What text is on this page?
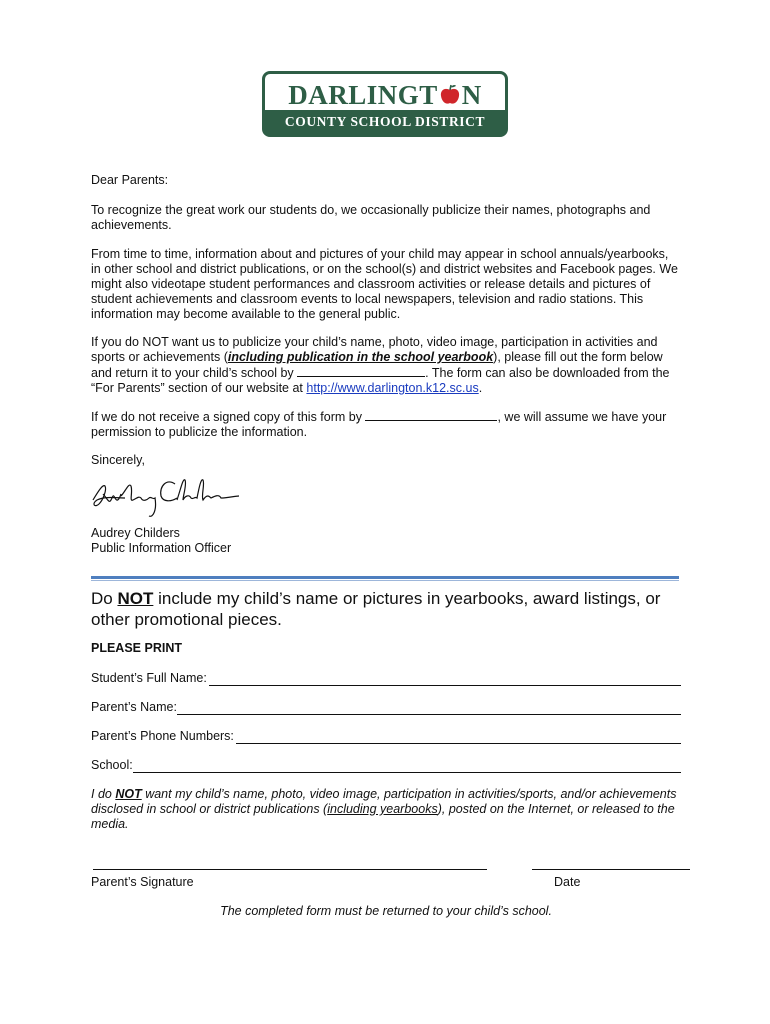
DARLINGT N
COUNTY SCHOOL DISTRICT

Dear Parents:

To recognize the great work our students do, we occasionally publicize their names, photographs and achievements.

From time to time, information about and pictures of your child may appear in school annuals/yearbooks, in other school and district publications, or on the school(s) and district websites and Facebook pages. We might also videotape student performances and classroom activities or release details and pictures of student achievements and classroom events to local newspapers, television and radio stations. This information may become available to the general public.

If you do NOT want us to publicize your child’s name, photo, video image, participation in activities and sports or achievements (including publication in the school yearbook), please fill out the form below and return it to your child’s school by	. The form can also be downloaded from the “For Parents” section of our website at http://www.darlington.k12.sc.us.

If we do not receive a signed copy of this form by	, we will assume we have your permission to publicize the information.

Sincerely,

Audrey Childers

Public Information Officer

Do NOT include my child’s name or pictures in yearbooks, award listings, or other promotional pieces.

PLEASE PRINT

Student’s Full Name:
Parent’s Name:
Parent’s Phone Numbers:
School:

I do NOT want my child’s name, photo, video image, participation in activities/sports, and/or achievements disclosed in school or district publications (including yearbooks), posted on the Internet, or released to the media.

Parent’s Signature	Date

The completed form must be returned to your child’s school.
